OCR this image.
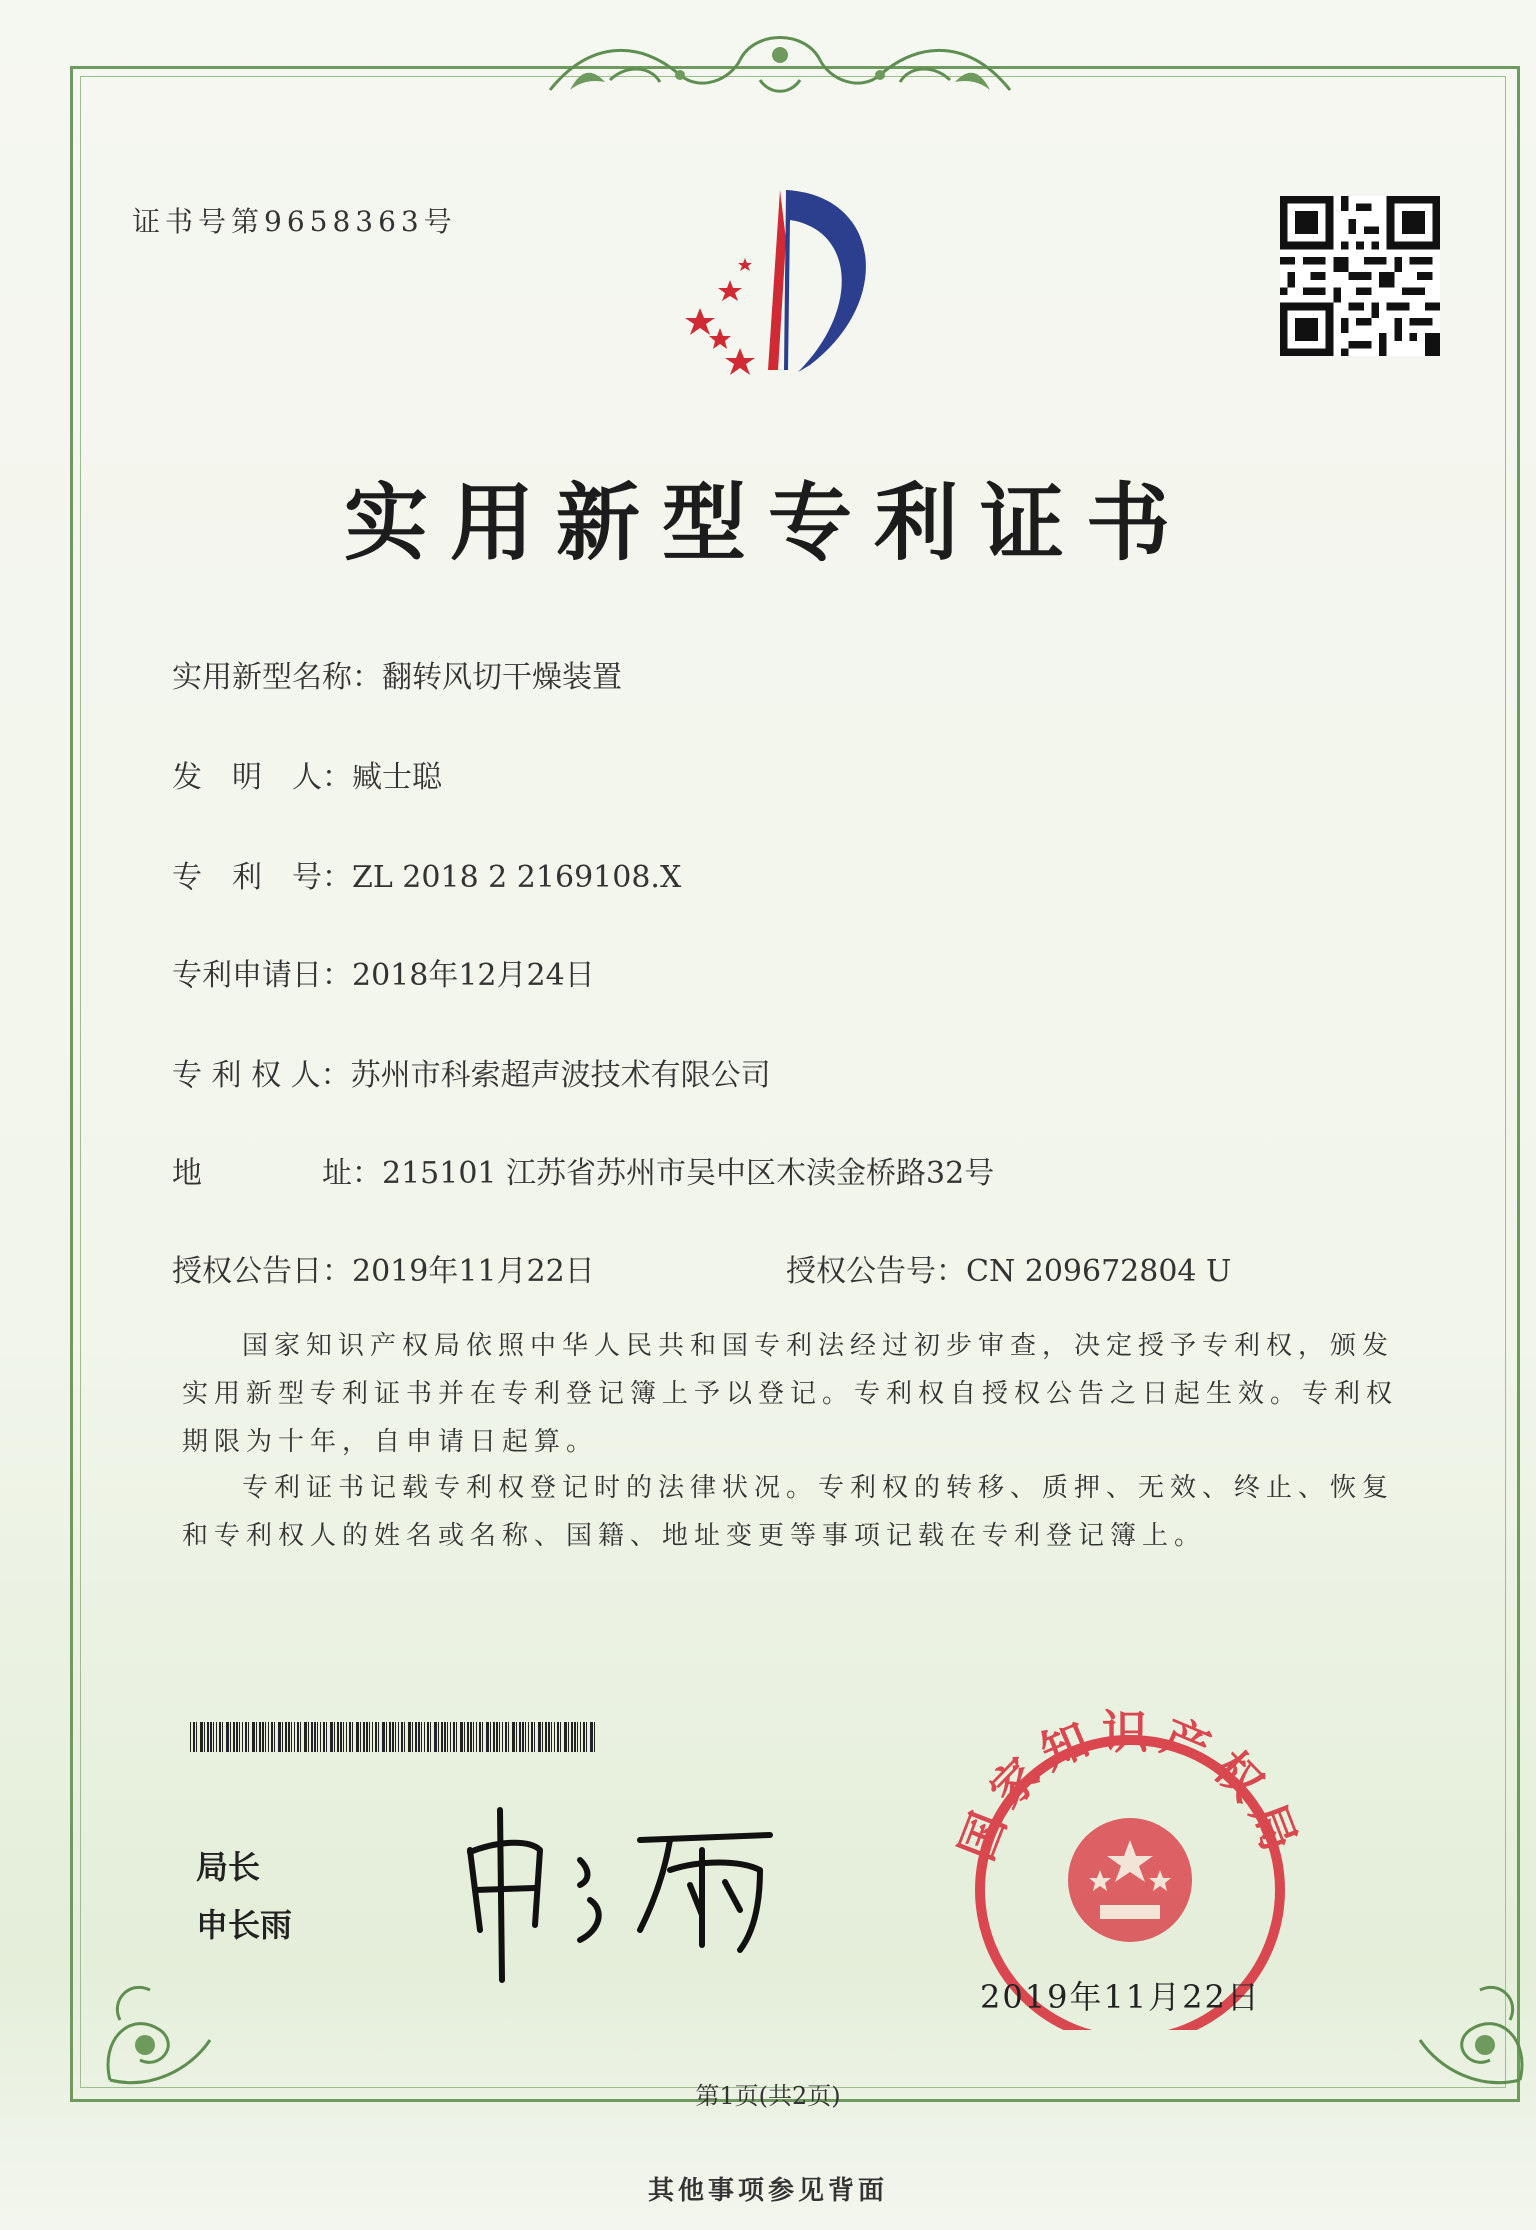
证书号第9658363号
实用新型专利证书
实用新型名称：翻转风切干燥装置
发　明　人：臧士聪
专　利　号：ZL 2018 2 2169108.X
专利申请日：2018年12月24日
专 利 权 人：苏州市科索超声波技术有限公司
地	址：215101 江苏省苏州市吴中区木渎金桥路32号
授权公告日：2019年11月22日	授权公告号：CN 209672804 U
国家知识产权局依照中华人民共和国专利法经过初步审查，决定授予专利权，颁发实用新型专利证书并在专利登记簿上予以登记。专利权自授权公告之日起生效。专利权期限为十年，自申请日起算。
专利证书记载专利权登记时的法律状况。专利权的转移、质押、无效、终止、恢复和专利权人的姓名或名称、国籍、地址变更等事项记载在专利登记簿上。
局长
申长雨
国家知识产权局
2019年11月22日
第1页(共2页)
其他事项参见背面
